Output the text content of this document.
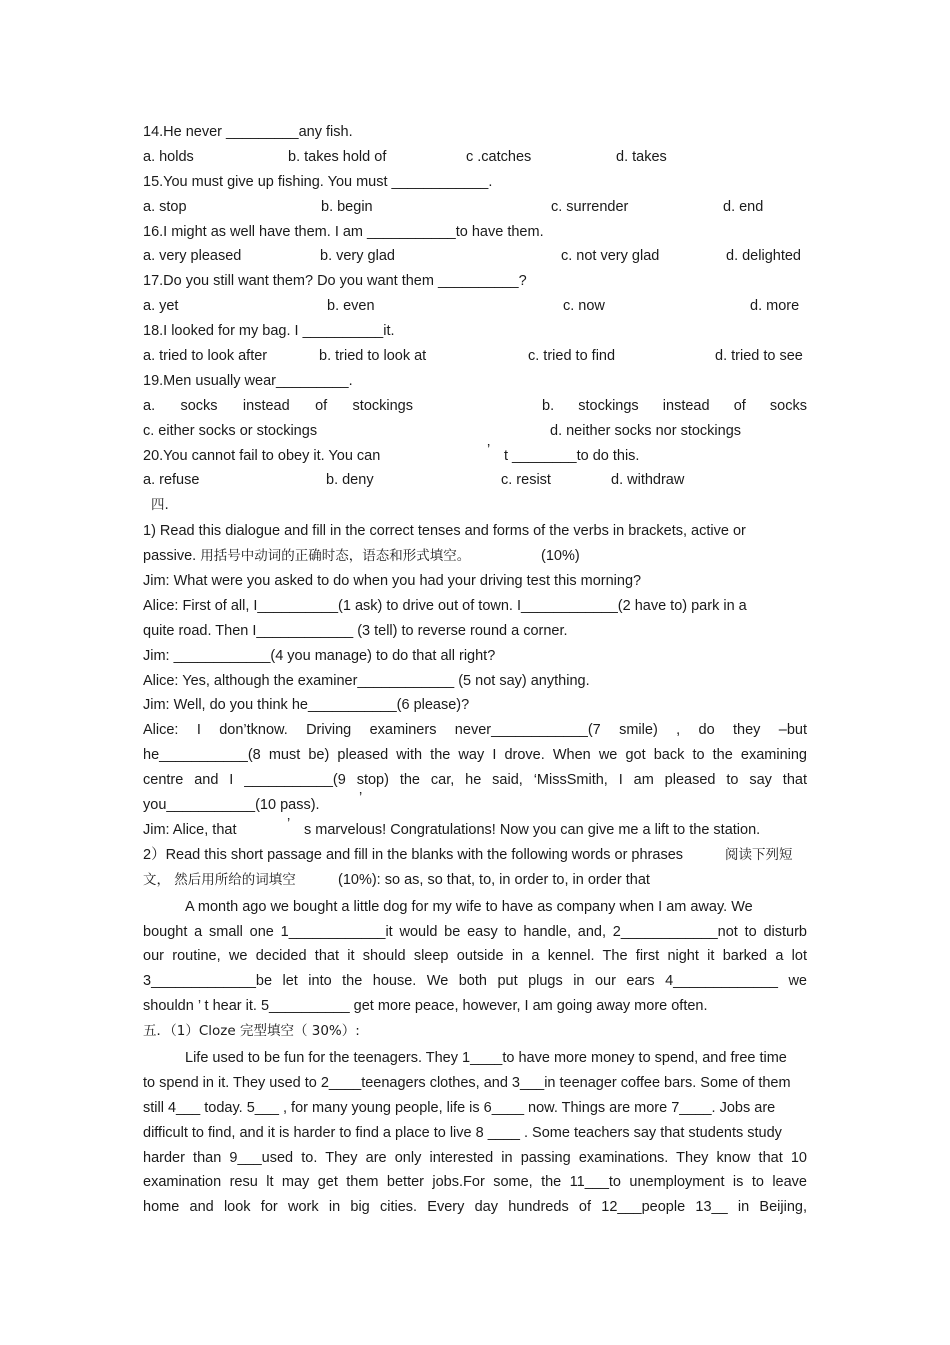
14.He never _________any fish.
a. holds	b. takes hold of	c .catches	d. takes
15.You must give up fishing. You must ____________.
a. stop	b. begin	c. surrender	d. end
16.I might as well have them. I am ___________to have them.
a. very pleased	b. very glad	c. not very glad	d. delighted
17.Do you still want them? Do you want them __________?
a. yet	b. even	c. now	d. more
18.I looked for my bag. I __________it.
a. tried to look after	b. tried to look at	c. tried to find	d. tried to see
19.Men usually wear_________.
a. socks instead of stockings	b. stockings instead of socks
c. either socks or stockings	d. neither socks nor stockings
20.You cannot fail to obey it. You can	’ t ________to do this.
a. refuse	b. deny	c. resist	d. withdraw
四.
1) Read this dialogue and fill in the correct tenses and forms of the verbs in brackets, active or
passive. 用括号中动词的正确时态，语态和形式填空。	(10%)
Jim: What were you asked to do when you had your driving test this morning?
Alice: First of all, I__________(1 ask) to drive out of town. I____________(2 have to) park in a
quite road. Then I____________ (3 tell) to reverse round a corner.
Jim: ____________(4 you manage) to do that all right?
Alice: Yes, although the examiner____________ (5 not say) anything.
Jim: Well, do you think he___________(6 please)?
Alice: I don’tknow. Driving examiners never____________(7 smile) , do they –but
he___________(8 must be) pleased with the way I drove. When we got back to the examining
centre and I ___________(9 stop) the car, he said, ‘MissSmith, I am pleased to say that
you___________(10 pass).	’
Jim: Alice, that	’ s marvelous! Congratulations! Now you can give me a lift to the station.
2）Read this short passage and fill in the blanks with the following words or phrases	阅读下列短
文， 然后用所给的词填空	(10%): so as, so that, to, in order to, in order that
A month ago we bought a little dog for my wife to have as company when I am away. We
bought a small one 1____________it would be easy to handle, and, 2____________not to disturb
our routine, we decided that it should sleep outside in a kennel. The first night it barked a lot
3_____________be let into the house. We both put plugs in our ears 4_____________ we
shouldn ’ t hear it. 5__________ get more peace, however, I am going away more often.
五．（1）Cloze 完型填空（ 30%）:
Life used to be fun for the teenagers. They 1____to have more money to spend, and free time
to spend in it. They used to 2____teenagers clothes, and 3___in teenager coffee bars. Some of them
still 4___ today. 5___ , for many young people, life is 6____ now. Things are more 7____. Jobs are
difficult to find, and it is harder to find a place to live 8 ____ . Some teachers say that students study
harder than 9___used to. They are only interested in passing examinations. They know that 10
examination resu lt may get them better jobs.For some, the 11___to unemployment is to leave
home and look for work in big cities. Every day hundreds of 12___people 13__ in Beijing,
